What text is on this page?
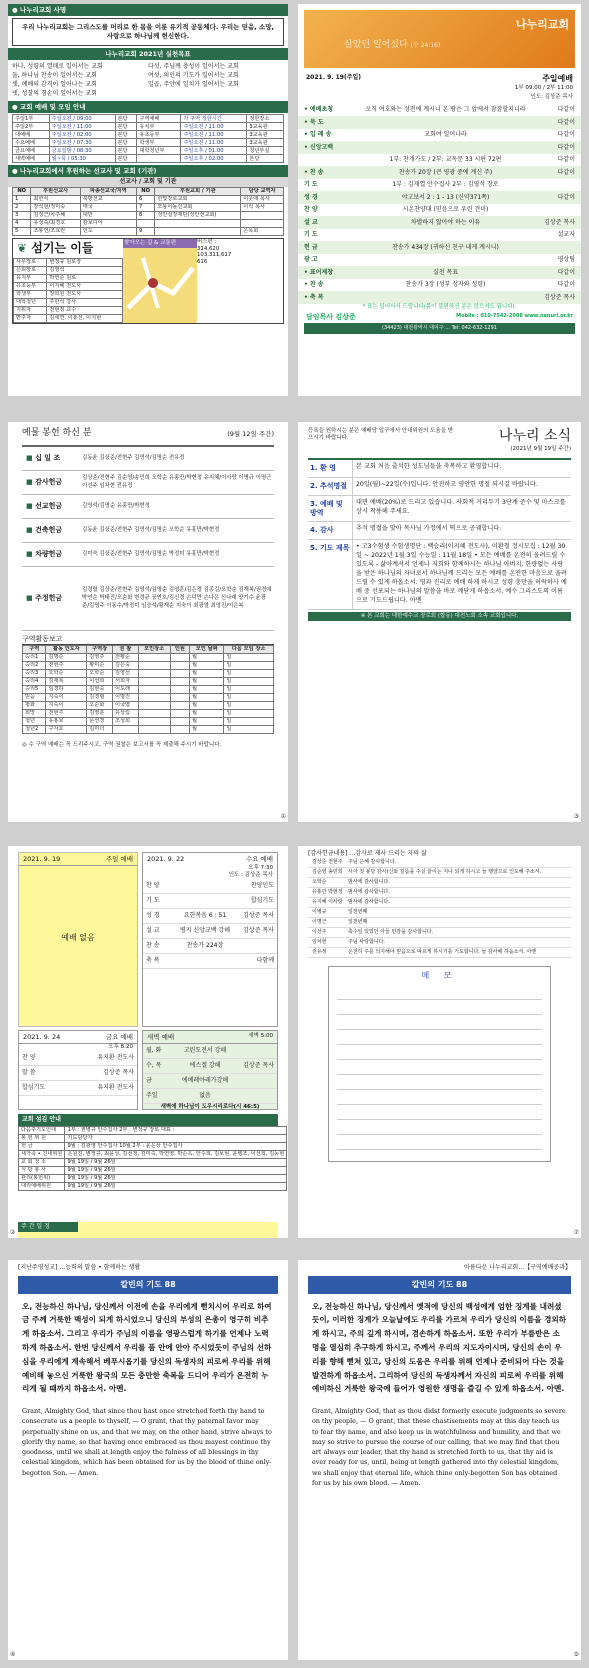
● 나누리교회 사명
우리 나누리교회는 그리스도를 머리로 한 몸을 이룬 유기적 공동체다. 우리는 믿음, 소망, 사랑으로 하나님께 헌신한다.
나누리교회 2021년 실천목표

하나, 성령의 열매로 일어서는 교회

둘, 하나님 찬송이 일어서는 교회

셋, 예배의 감격이 일어나는 교회

넷, 성찰의 겸손이 일어서는 교회

다섯, 주님께 충성이 일어서는 교회

여섯, 의인의 기도가 일어서는 교회

일곱, 주안에 일치가 일어서는 교회

● 교회 예배 및 모임 안내
주일1부	주일오전 / 09:00	본당	구역예배	각 구역 정한시간	정한장소
주일2부	주일오전 / 11:00	본당	유치부	주일오전 / 11:00	3교육관
대예배	주일오전 / 02:00	본당	유초등부	주일오전 / 11:00	3교육관
수요예배	주일오전 / 07:30	본당	학생부	주일오전 / 11:00	3교육관
금요예배	금요일밤 / 08:30	본당	대학청년부	주일오후 / 01:00	청년부실
새벽예배	월~목 / 05:30	본당		주일오후 / 02:00	본당
● 나누리교회에서 후원하는 선교사 및 교회 (기관)
선교사 / 교회 및 기관
NO	후원선교사	파송선교국/지역	NO	후원교회 / 기관	담당 교역자
1	최한식	북방선교	6	한빛장로교회	이웃애 목사
2	장석현/정미숙	태국	7	모퉁이돌선교회	이석 목사
3	김성근/차주혜	대만	8	성안실장재단(성안선교회)	
4	유성숙/최경호	캄보디아			
5	조봉연/조효란	인도	9		은목회
❦ 섬기는 이들
사무장로	변정규 원로장
은퇴장로	김영석
유지부	박연준 원로
유초등부	이지혜 전도사
학생부	장희원 전도사
대학청년	주한석 강사
지휘자	전현정 교수
반주자	김세연, 이홍선, 이지현
찾아오는 길 & 교통편	버스편 :

314,620

103,311,617

616

나누리교회
살았던 일어섰다 (수 24:16)
2021. 9. 19(주일)	주일예배
1부 09:00 / 2부 11:00
인도: 김상준 목사
• 예배초청	오직 여호와는 성전에 계시니 온 땅은 그 앞에서 잠잠할지니라	다같이
• 묵 도	다같이
• 입 례 송	교회여 일어나라	다같이
• 신앙고백	다같이
1부: 찬개가도 / 2부: 교독문 33 시편 72편	다같이
• 찬 송	찬송가 20장 (큰 영광 중에 계신 주)	다같이
기 도	1부 : 김재열 안수집사 2부 : 김영석 장로
성 경	야고보서 2 : 1 - 13 (신약371쪽)	다같이
찬 양	시온찬양대 (믿음으로 우린 견뎌)
설 교	차별하지 않아야 하는 이유	김상준 목사
기 도	설교자
헌 금	찬송가 434장 (귀하신 친구 내게 계시니)
광 고	영상팀
• 표어제창	실천 목표	다같이
• 찬 송	찬송가 3장 (성부 성자와 성령)	다같이
• 축 복	김상준 목사
* 표는 일어서서 드립니다(몸이 불편하신 분은 앉으셔도 됩니다).
담임목사 김상준	Mobile : 010-7542-2006 www.nanuri.or.kr
(34423) 대전광역시 대덕구 ... Tel: 042-632-1291
예물 봉헌 하신 분	(9월 12일 주간)
■ 십 일 조	김동윤 김상준/전현주 김영석/김명순 전유정
■ 감사헌금
김상준/전현주 김순영/송민희 오학순 유홍만/박현정 유지혜/이사랑 이병규 이명근 이선주 임차현 전유정
■ 선교헌금	김영석/김명순 유홍만/박현정
■ 건축헌금	김동윤 김상준/전현주 김영석/김명순 오학순 유홍만/박현정
■ 차량헌금	김미숙 김상준/전현주 김영석/김명순 박정미 유홍만/박현정
■ 주정헌금
김경렬 김상준/전현주 김영석/김명순 김영훈/김은경 김종길/오학순 김재복/권경애 박연순 박태진/오순화 변경규 공연호/김신경 손덕만 손나은 신나래 양기수 윤광준/김명주 이동수/박정미 임승석/황재순 지숙이 최광열 최영진/이은복
구역활동보고
구역	활동 인도자	구역장	권 찰	모인장소	인원	모인 날짜	다음 모임 장소
승리1	김명순	김영주	전황순			월	일
승리2	전현주	황미순	김은숙			월	일
승리3	오학순	오학순	김영선			월	일
승리4	김재복	이선희	서희자			월	일
승리5	임경하	김현숙	이도래			월	일
믿음	지숙이	김경렬	이명진			월	일
평화	지숙이	오순화	이국엽			월	일
희망	전현주	김영훈	유상림			월	일
청년	유홍보	문선경	조성희			월	일
청년2	구자호	김미녀				월	일
◎ 수 구역 예배는 꼭 드리주시고, 구역 권찰은 보고서를 꼭 제출해 주시기 바랍니다.
①
등록을 원하시는 분은 예배당 입구에서 안내위원의 도움을 받으시기 바랍니다.	나누리 소식
(2021년 9월 19일 주간)
1. 환 영	본 교회 처음 출석한 성도님들을 축복하고 환영합니다.
2. 추석명절	20일(월)~22일(수)입니다. 안전하고 평안한 명절 되시길 바랍니다.
3. 예배 및 방역
대면 예배(20%)로 드리고 있습니다. 사회적 거리두기 3단계 준수 및 마스크를 상시 착용해 주세요.
4. 감사	추석 명절을 맞아 목사님 가정에서 떡으로 공궤합니다.
5. 기도 제목	• 고3수험생 수험생명단 : 백승리(이지혜 전도사), 이환철 정시모집 : 12월 30일 ~ 2022년 1월 3일 수능일 : 11월 18일 • 모든 예배를 온전히 올려드릴 수 있도록 - 삶아계셔서 언제나 저희와 함께하시는 하나님 아버지, 한량없는 사랑을 받은 하나님의 자녀로서 하나님께 드리는 모든 예배를 온전한 마음으로 올려드릴 수 있게 하옵소서. 영과 진리로 예배 하게 하시고 성령 충만을 허락하사 예배 중 선포되는 하나님의 말씀을 바로 깨닫게 하옵소서. 예수 그리스도의 이름으로 기도드립니다. 아멘
※ 본 교회는 대한예수교 장로회 (합동) 대전노회 소속 교회입니다.
③
2021. 9. 19	주일 예배
예배 없음
2021. 9. 22	수요 예배
오후 7:30
인도 : 김상준 목사
찬 양	찬양인도
기 도	합심기도
성 경	요한복음 6 : 51	김상준 목사
설 교	병지 신앙교백 강해	김상준 목사
찬 송	찬송가 224장
축 복	다함께
2021. 9. 24	금요 예배
오후 8:20
찬 양	유지환 전도사
말 씀	김상준 목사
합심기도	유지환 전도사
새벽 예배	새벽 5:00
월, 화	고린도전서 강해
수, 목	에스겔 강해	김상준 목사
금	에베레아레가강해
주일	없음
새벽에 하나님이 도우시리로다(시 46:5)
교회 섬김 안내
다음주기도인대	1부 : 권병규 안수집사 2부 : 변정규 장로 대표 :
봉 헌 위 원	기도담당자
헌 금	9월 : 김광영 안수집사 10월 2부 : 윤은상 안수집사
새가족 • 친내위원	은원진, 변정규, 최윤성, 김선정, 김미숙, 박연영, 박순옥, 안수희, 김보현, 윤병조, 이선희, 김동현
교 회 청 소	9월 19일 / 9월 26일
식 당 봉 사	9월 19일 / 9월 26일
관리(봉헌위)	9월 19일 / 9월 26일
대리예배위원	9월 19일 / 9월 26일
주 간 일 정
②
[감사헌금내용] …감사로 제사 드리는 자의 삶
김상준 전현주	주님 은혜 감사합니다.
김순영 송민희	시아 첫 봉당 감사(신와 길뜸을 주실 끝이는 지나 되게 하시고 늘 행양으로 인도해 주소서.
오학순	범사에 감사합니다.
유홍만 박현정	범사에 감사합니다.
유지혜 이사랑	범사에 감사합니다.
이병규	일천번째
이명근	일천번째
이선주	축수일 있었던 아들 민감을 감사합니다.
임차현	주님 사랑합니다.
전유정	온전히 주를 의지해야 믿음으로 따르게 하시기를 기도합니다. 늘 감사해 하옵소서. 아멘
메 모
⑦
[지난주영성교] …능력의 말씀 • 함께하는 생활
칼빈의 기도 88
오, 전능하신 하나님, 당신께서 이전에 손을 우리에게 뻗치시어 우리로 하여금 주께 거룩한 백성이 되게 하시었으니 당신의 부성의 은총이 영구히 비추게 하옵소서. 그리고 우리가 주님의 이름을 영광스럽게 하기를 언제나 노력하게 하옵소서. 한번 당신께서 우리를 품 안에 안아 주시었듯이 주님의 선하심을 우리에게 계속해서 베푸시옵기를 당신의 독생자의 피로써 우리를 위해 예비해 놓으신 거룩한 왕국의 모든 충만한 축복을 드디어 우리가 온전히 누리게 될 때까지 하옵소서. 아멘.
Grant, Almighty God, that since thou hast once stretched forth thy hand to consecrate us a people to thyself, — O grant, that thy paternal favor may perpetually shine on us, and that we may, on the other hand, strive always to glorify thy name, so that having once embraced us thou mayest continue thy goodness, until we shall at length enjoy the fulness of all blessings in thy celestial kingdom, which has been obtained for us by the blood of thine only-begotten Son. — Amen.
④
아름다운 나누리교회…【구역예배공과】
칼빈의 기도 88
오, 전능하신 하나님, 당신께서 옛적에 당신의 백성에게 엄한 징계를 내려셨듯이, 이러한 징계가 오늘날에도 우리를 가르쳐 우리가 당신의 이름을 경외하게 하시고, 주의 깊게 하시며, 겸손하게 하옵소서. 또한 우리가 부름받은 소명을 열심히 추구하게 하시고, 주께서 우리의 지도자이시며, 당신의 손이 우리를 향해 뻗쳐 있고, 당신의 도움은 우리를 위해 언제나 준비되어 다는 것을 발견하게 하옵소서. 그리하여 당신의 독생자께서 자신의 피로써 우리를 위해 예비하신 거룩한 왕국에 들어가 영원한 생명을 즐길 수 있게 하옵소서. 아멘.
Grant, Almighty God, that as thou didst formerly execute judgments so severe on thy people, — O grant, that these chastisements may at this day teach us to fear thy name, and also keep us in watchfulness and humility, and that we may so strive to pursue the course of our calling, that we may find that thou art always our leader, that thy hand is stretched forth to us, that thy aid is ever ready for us, until, being at length gathered into thy celestial kingdom, we shall enjoy that eternal life, which thine only-begotten Son has obtained for us by his own blood. — Amen.
⑤
